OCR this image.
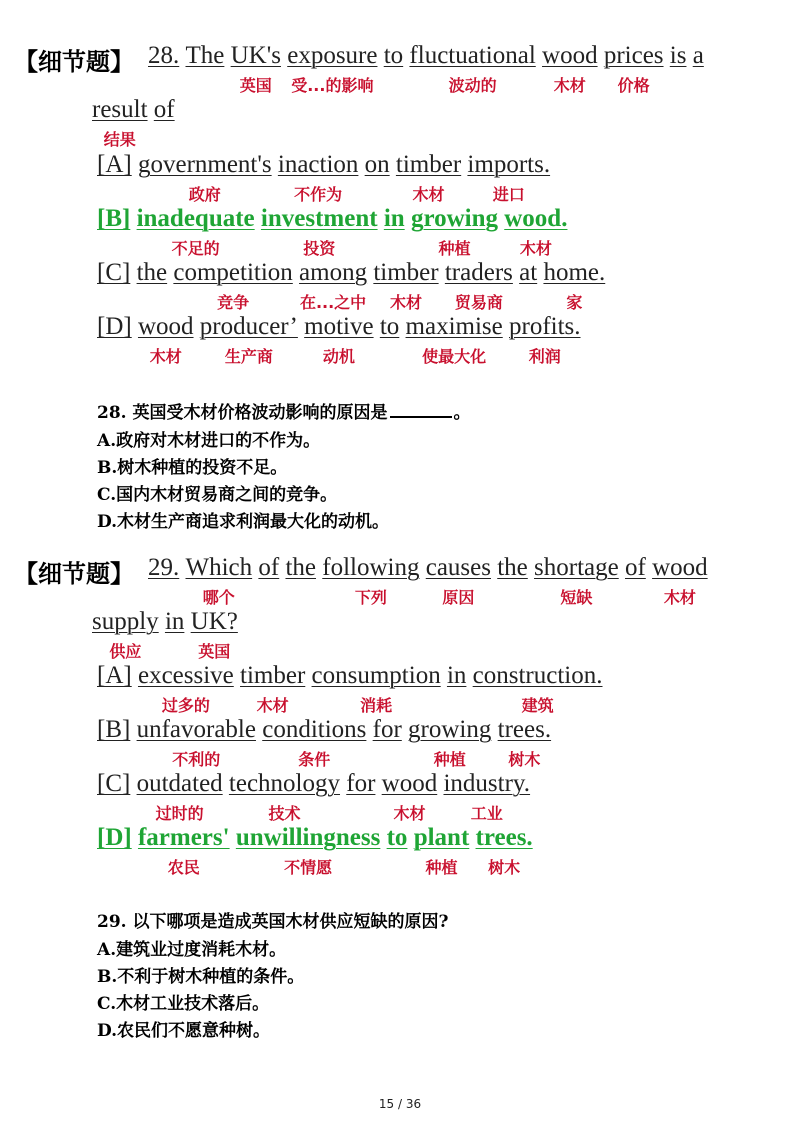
【细节题】 28. The UK's
英国
exposure
受...的影响
to fluctuational
波动的
wood
木材
prices
价格
is a
result
结果
of
[A] government's
政府
inaction
不作为
on timber
木材
imports.
进口
[B] inadequate
不足的
investment
投资
in growing
种植
wood.
木材
[C] the competition
竞争
among
在...之中
timber
木材
traders
贸易商
at home.
家
[D] wood
木材
producer’
生产商
motive
动机
to maximise
使最大化
profits.
利润
28. 英国受木材价格波动影响的原因是	。
A.政府对木材进口的不作为。
B.树木种植的投资不足。
C.国内木材贸易商之间的竞争。
D.木材生产商追求利润最大化的动机。
【细节题】 29. Which
哪个
of the following
下列
causes
原因
the shortage
短缺
of wood
木材
supply
供应
in UK?
英国
[A] excessive
过多的
timber
木材
consumption
消耗
in construction.
建筑
[B] unfavorable
不利的
conditions
条件
for growing
种植
trees.
树木
[C] outdated
过时的
technology
技术
for wood
木材
industry.
工业
[D] farmers'
农民
unwillingness
不情愿
to plant
种植
trees.
树木
29. 以下哪项是造成英国木材供应短缺的原因?
A.建筑业过度消耗木材。
B.不利于树木种植的条件。
C.木材工业技术落后。
D.农民们不愿意种树。
15 / 36
